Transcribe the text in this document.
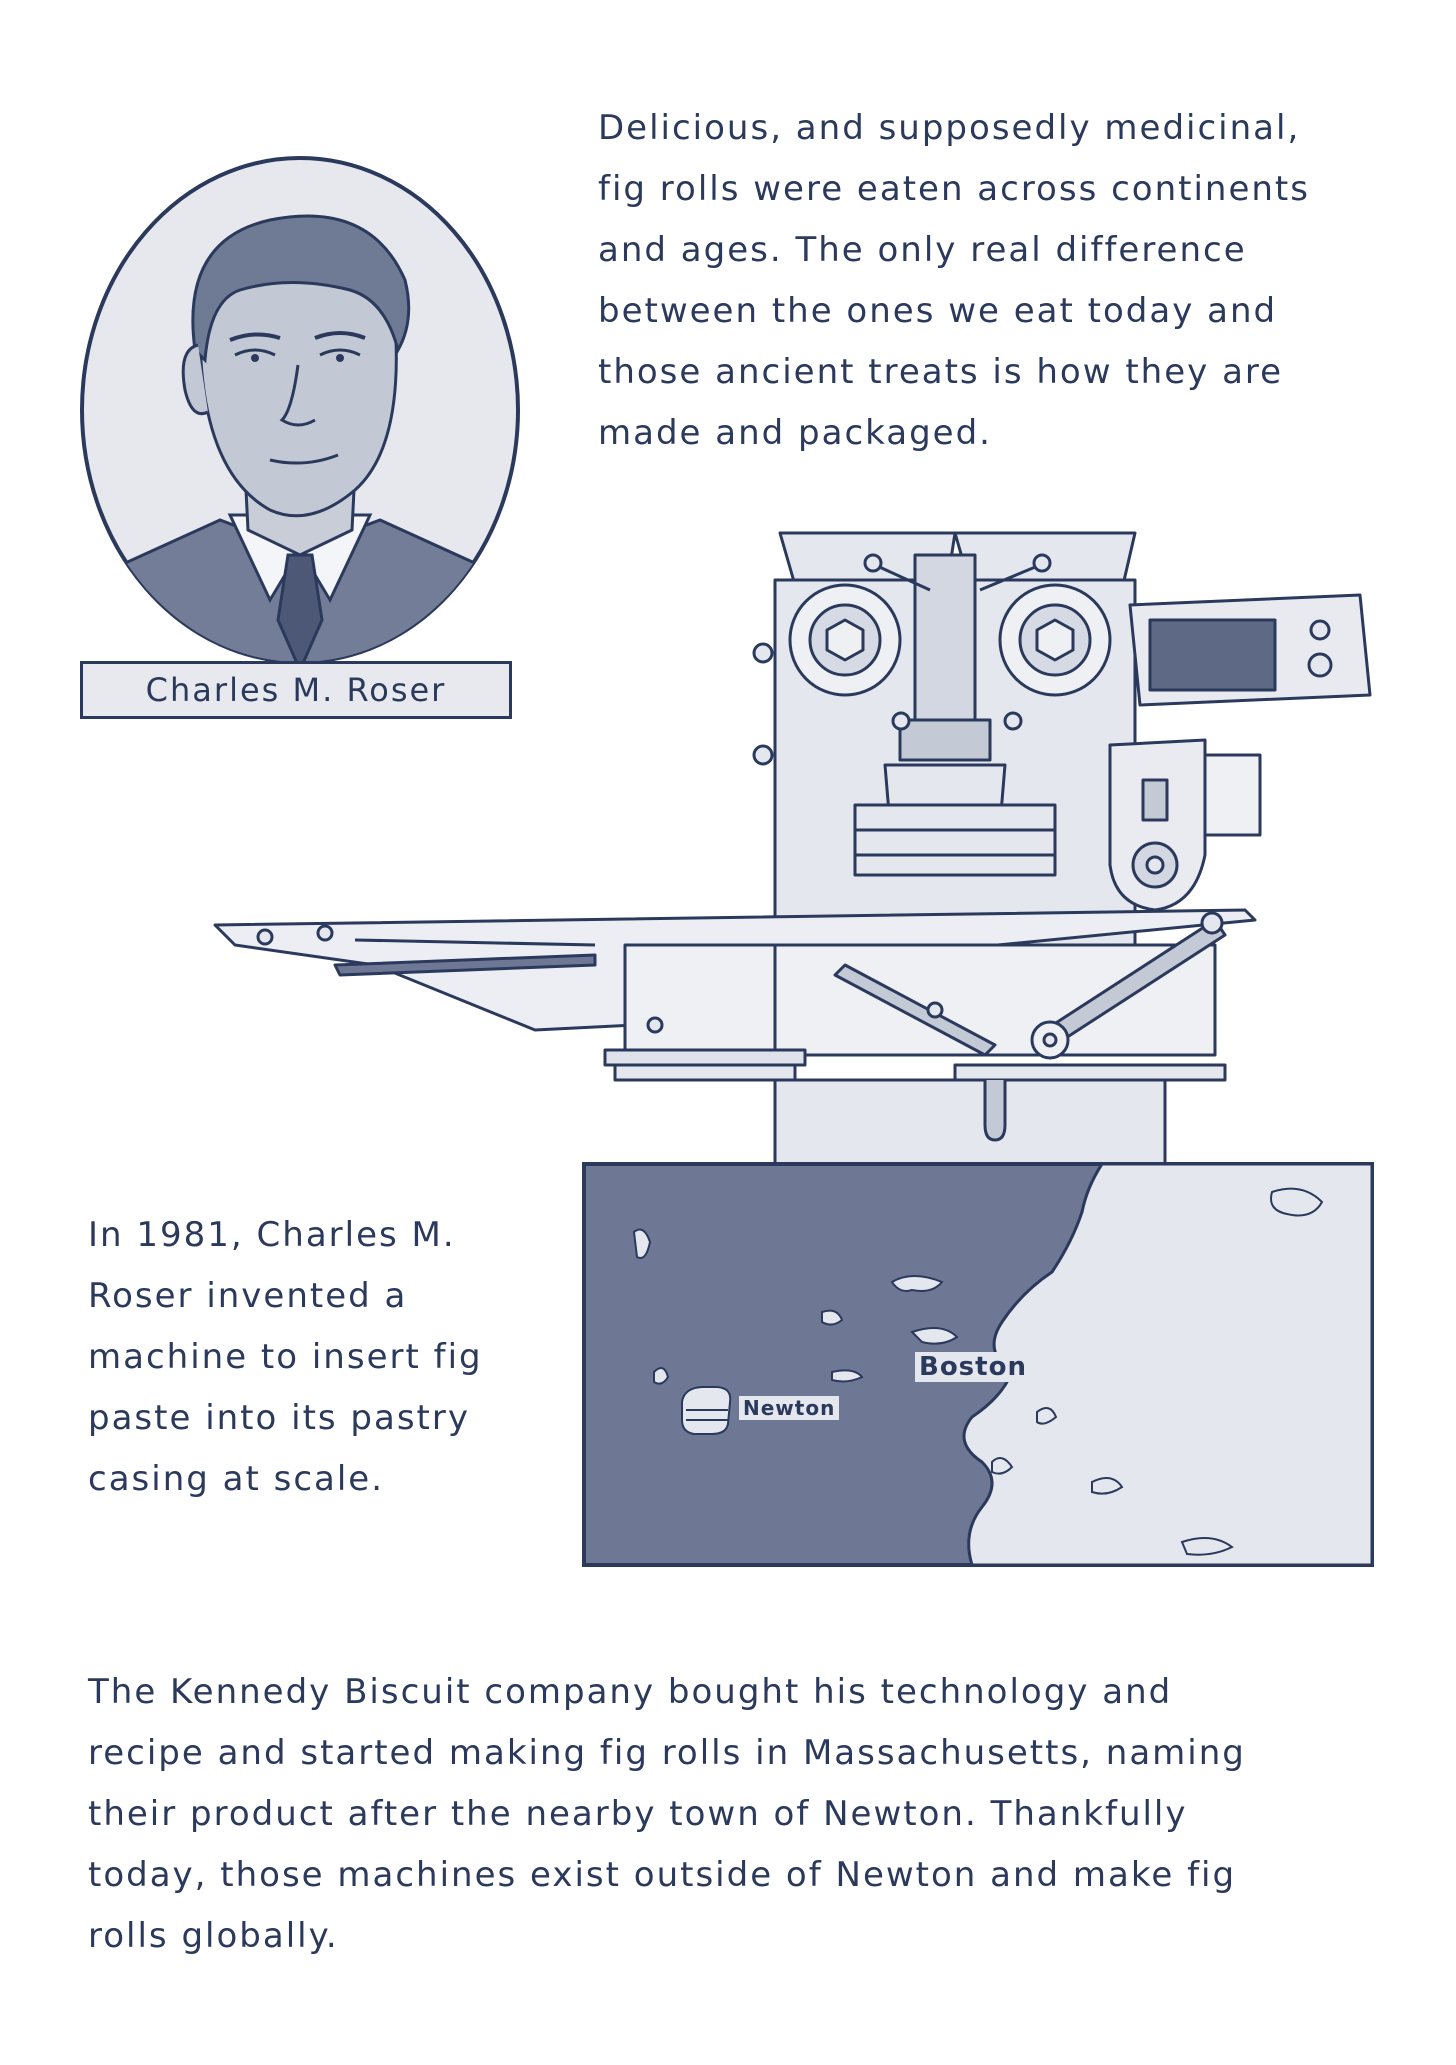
Delicious, and supposedly medicinal,
fig rolls were eaten across continents
and ages. The only real difference
between the ones we eat today and
those ancient treats is how they are
made and packaged.

Charles M. Roser
Boston
Newton

In 1981, Charles M.
Roser invented a
machine to insert fig
paste into its pastry
casing at scale.

The Kennedy Biscuit company bought his technology and
recipe and started making fig rolls in Massachusetts, naming
their product after the nearby town of Newton. Thankfully
today, those machines exist outside of Newton and make fig
rolls globally.
